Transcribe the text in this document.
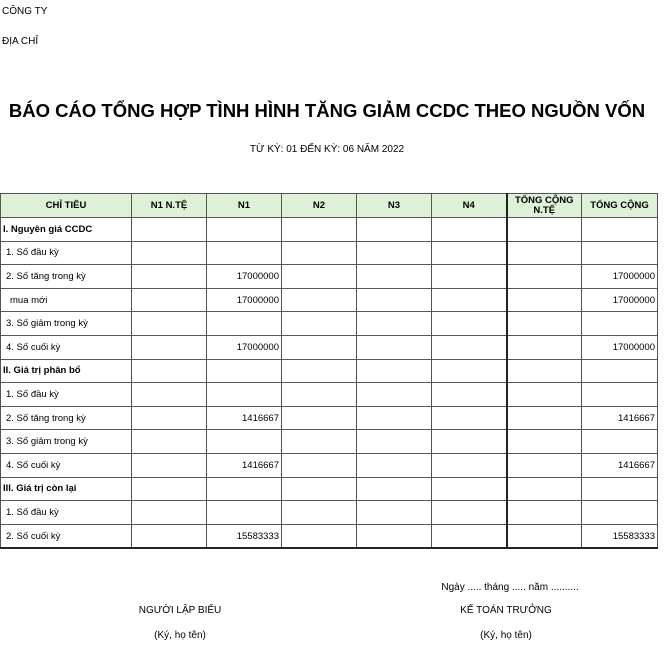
CÔNG TY
ĐỊA CHỈ
BÁO CÁO TỔNG HỢP TÌNH HÌNH TĂNG GIẢM CCDC THEO NGUỒN VỐN
TỪ KỲ: 01 ĐẾN KỲ: 06 NĂM 2022
CHỈ TIÊU	N1 N.TỆ	N1	N2	N3	N4	TỔNG CỘNG N.TỆ	TỔNG CỘNG
I. Nguyên giá CCDC							
1. Số đầu kỳ							
2. Số tăng trong kỳ		17000000					17000000
mua mới		17000000					17000000
3. Số giảm trong kỳ							
4. Số cuối kỳ		17000000					17000000
II. Giá trị phân bổ							
1. Số đầu kỳ							
2. Số tăng trong kỳ		1416667					1416667
3. Số giảm trong kỳ							
4. Số cuối kỳ		1416667					1416667
III. Giá trị còn lại							
1. Số đầu kỳ							
2. Số cuối kỳ		15583333					15583333
Ngày ..... tháng ..... năm ..........
NGƯỜI LẬP BIỂU	KẾ TOÁN TRƯỞNG
(Ký, họ tên)	(Ký, họ tên)
